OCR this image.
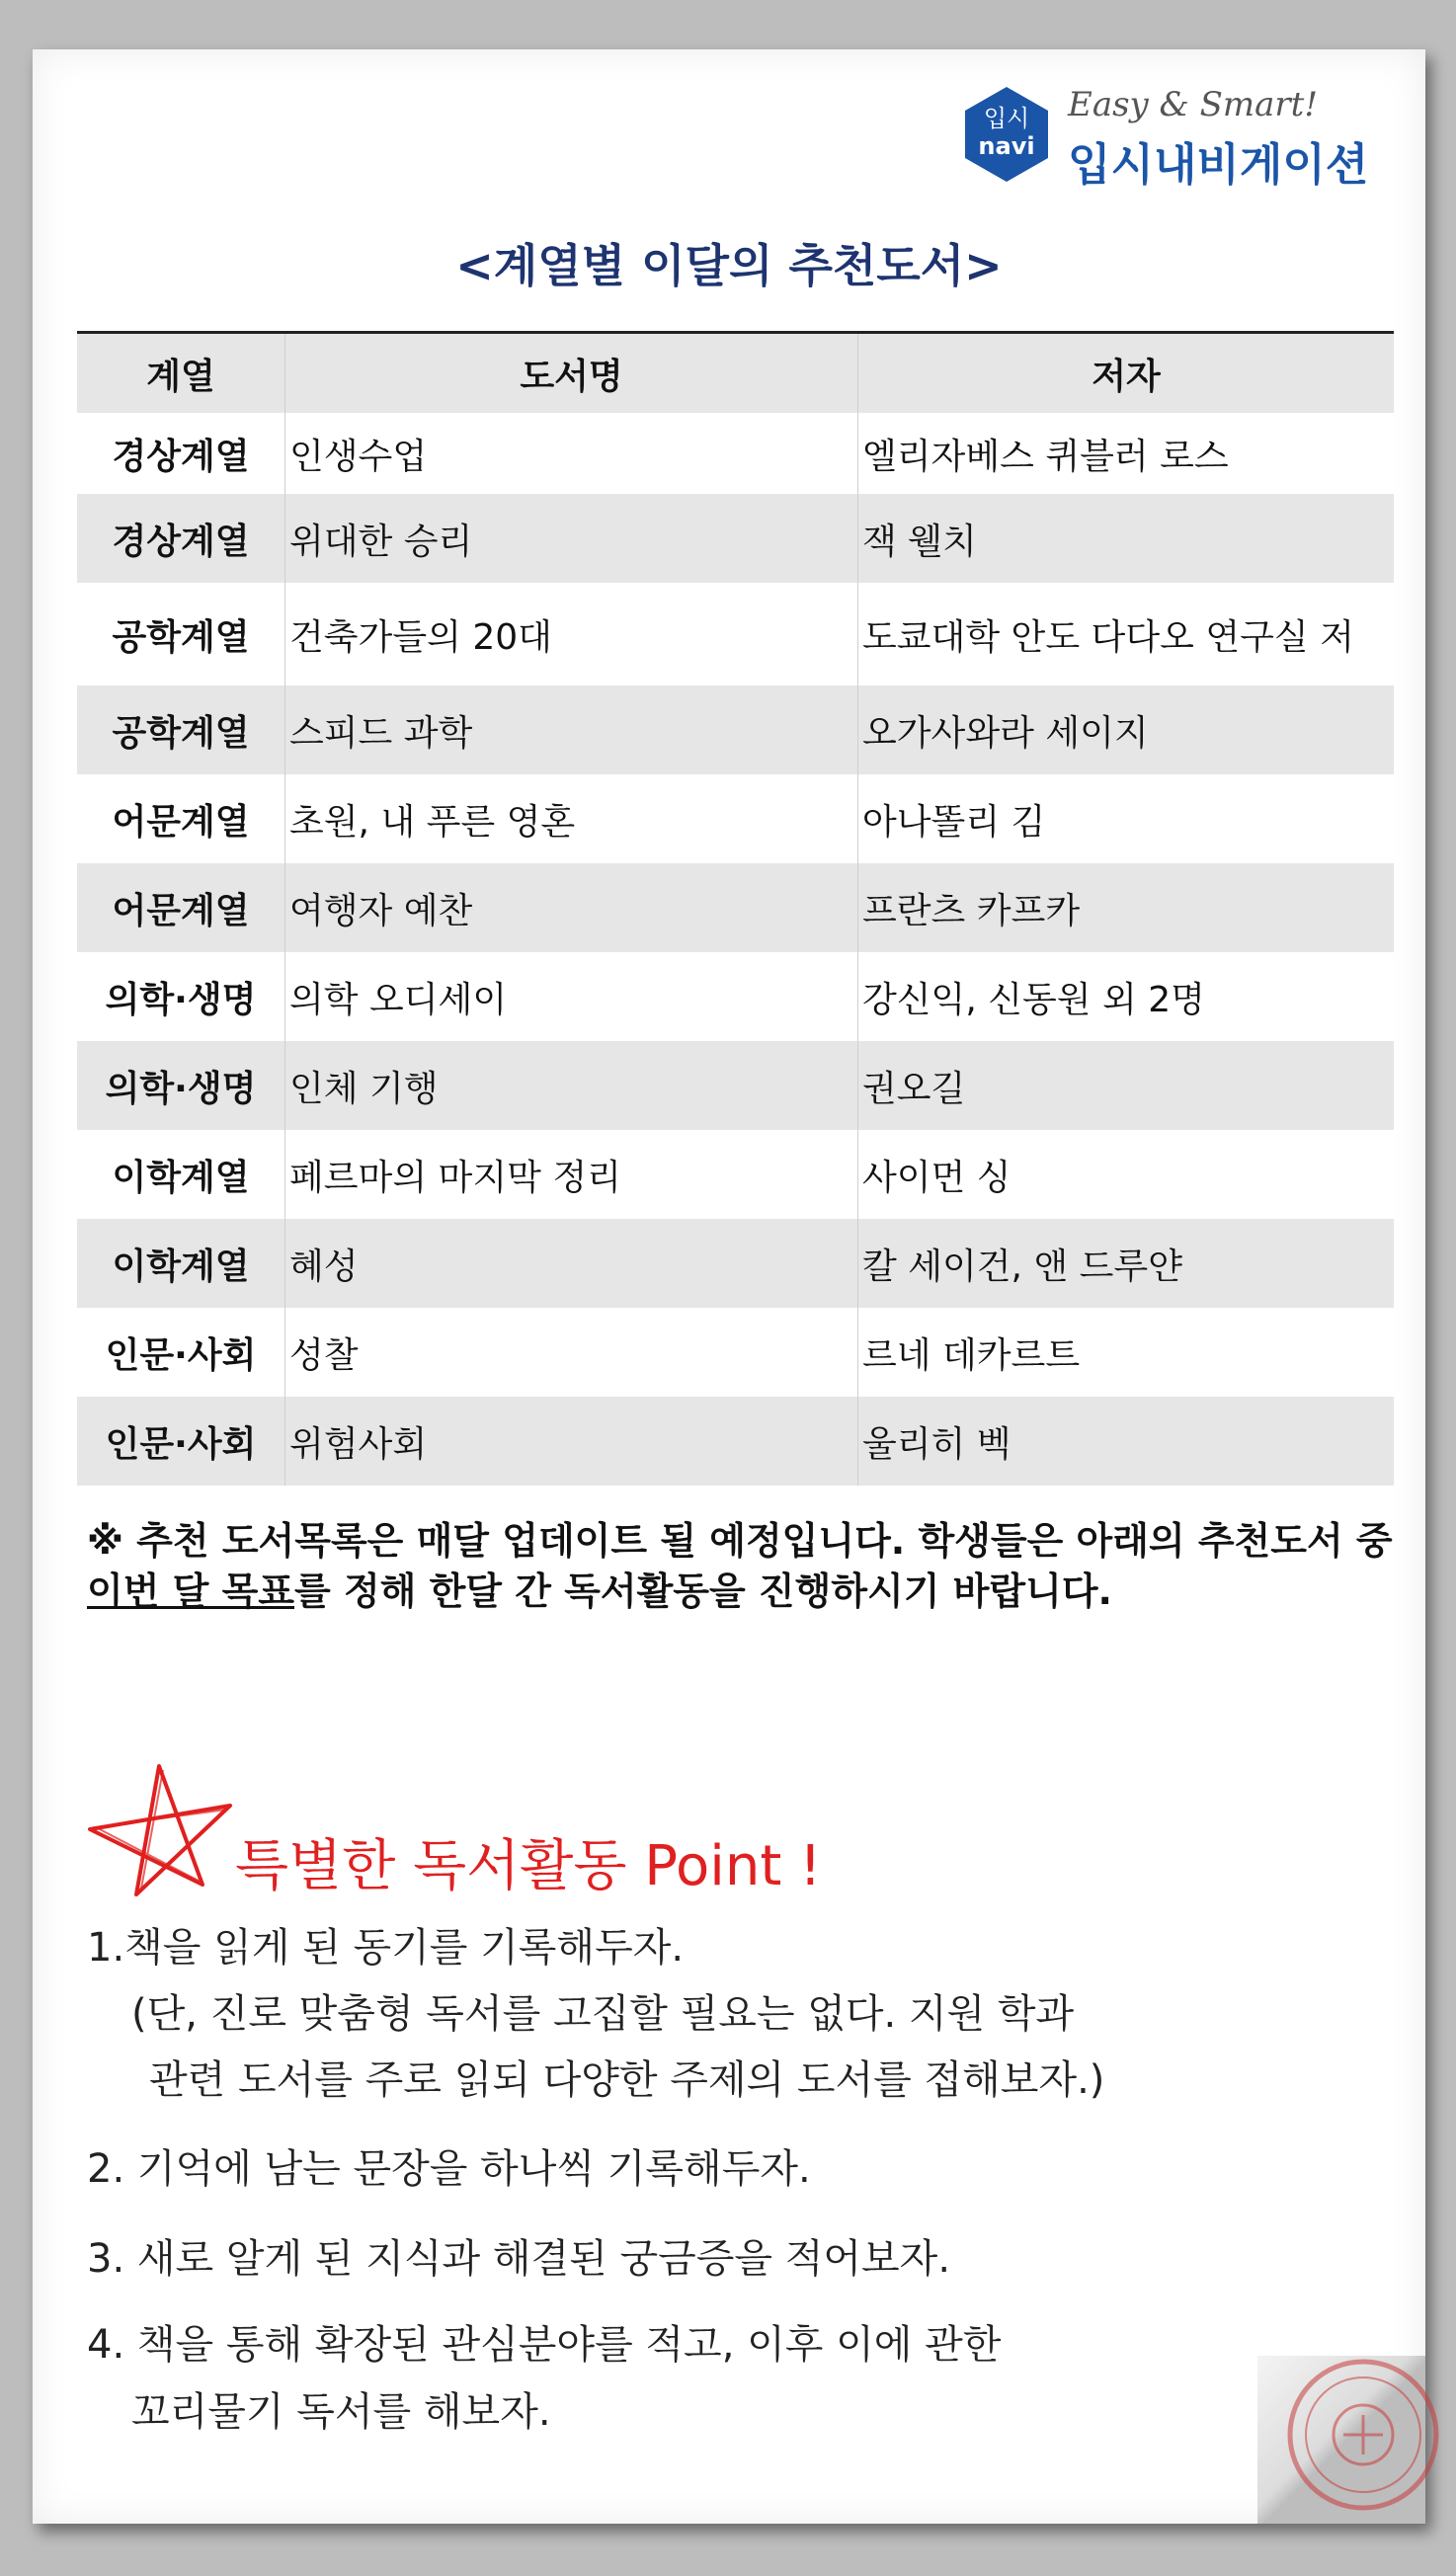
입시
navi
Easy & Smart!
입시내비게이션
<계열별 이달의 추천도서>
계열	도서명	저자
경상계열	인생수업	엘리자베스 퀴블러 로스
경상계열	위대한 승리	잭 웰치
공학계열	건축가들의 20대	도쿄대학 안도 다다오 연구실 저
공학계열	스피드 과학	오가사와라 세이지
어문계열	초원, 내 푸른 영혼	아나똘리 김
어문계열	여행자 예찬	프란츠 카프카
의학·생명	의학 오디세이	강신익, 신동원 외 2명
의학·생명	인체 기행	권오길
이학계열	페르마의 마지막 정리	사이먼 싱
이학계열	혜성	칼 세이건, 앤 드루얀
인문·사회	성찰	르네 데카르트
인문·사회	위험사회	울리히 벡
※ 추천 도서목록은 매달 업데이트 될 예정입니다. 학생들은 아래의 추천도서 중 이번 달 목표를 정해 한달 간 독서활동을 진행하시기 바랍니다.
특별한 독서활동 Point !
1.책을 읽게 된 동기를 기록해두자.
(단, 진로 맞춤형 독서를 고집할 필요는 없다. 지원 학과
관련 도서를 주로 읽되 다양한 주제의 도서를 접해보자.)
2. 기억에 남는 문장을 하나씩 기록해두자.
3. 새로 알게 된 지식과 해결된 궁금증을 적어보자.
4. 책을 통해 확장된 관심분야를 적고, 이후 이에 관한
꼬리물기 독서를 해보자.
